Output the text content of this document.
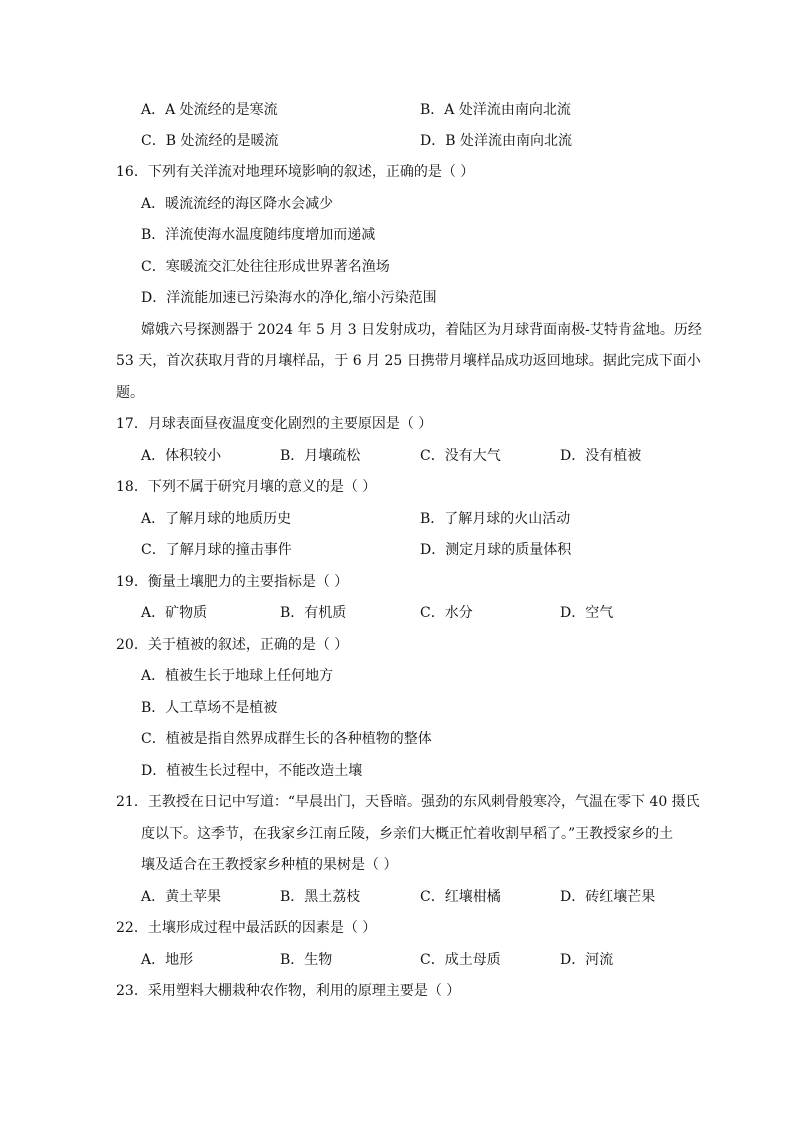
A．A 处流经的是寒流	B．A 处洋流由南向北流
C．B 处流经的是暖流	D．B 处洋流由南向北流
16．下列有关洋流对地理环境影响的叙述，正确的是（ ）
A．暖流流经的海区降水会减少
B．洋流使海水温度随纬度增加而递减
C．寒暖流交汇处往往形成世界著名渔场
D．洋流能加速已污染海水的净化,缩小污染范围
嫦娥六号探测器于 2024 年 5 月 3 日发射成功，着陆区为月球背面南极-艾特肯盆地。历经
53 天，首次获取月背的月壤样品，于 6 月 25 日携带月壤样品成功返回地球。据此完成下面小
题。
17．月球表面昼夜温度变化剧烈的主要原因是（ ）
A．体积较小	B．月壤疏松	C．没有大气	D．没有植被
18．下列不属于研究月壤的意义的是（ ）
A．了解月球的地质历史	B．了解月球的火山活动
C．了解月球的撞击事件	D．测定月球的质量体积
19．衡量土壤肥力的主要指标是（ ）
A．矿物质	B．有机质	C．水分	D．空气
20．关于植被的叙述，正确的是（ ）
A．植被生长于地球上任何地方
B．人工草场不是植被
C．植被是指自然界成群生长的各种植物的整体
D．植被生长过程中，不能改造土壤
21．王教授在日记中写道：“早晨出门，天昏暗。强劲的东风刺骨般寒冷，气温在零下 40 摄氏
度以下。这季节，在我家乡江南丘陵，乡亲们大概正忙着收割早稻了。”王教授家乡的土
壤及适合在王教授家乡种植的果树是（ ）
A．黄土苹果	B．黑土荔枝	C．红壤柑橘	D．砖红壤芒果
22．土壤形成过程中最活跃的因素是（ ）
A．地形	B．生物	C．成土母质	D．河流
23．采用塑料大棚栽种农作物，利用的原理主要是（ ）
